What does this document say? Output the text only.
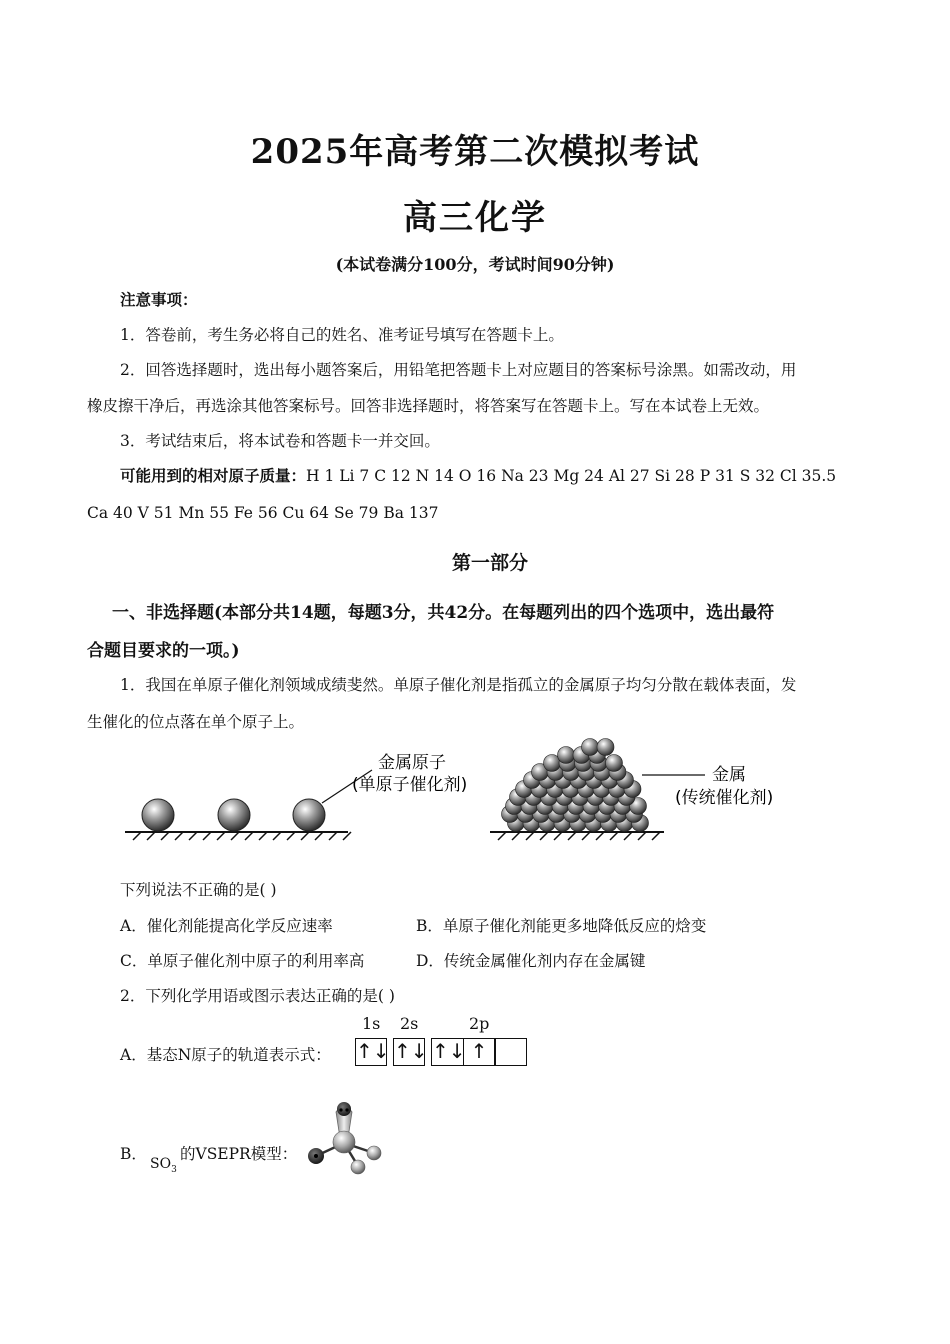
2025年高考第二次模拟考试
高三化学
(本试卷满分100分，考试时间90分钟)
注意事项：
1．答卷前，考生务必将自己的姓名、准考证号填写在答题卡上。
2．回答选择题时，选出每小题答案后，用铅笔把答题卡上对应题目的答案标号涂黑。如需改动，用
橡皮擦干净后，再选涂其他答案标号。回答非选择题时，将答案写在答题卡上。写在本试卷上无效。
3．考试结束后，将本试卷和答题卡一并交回。
可能用到的相对原子质量：H 1 Li 7 C 12 N 14 O 16 Na 23 Mg 24 Al 27 Si 28 P 31 S 32 Cl 35.5
Ca 40 V 51 Mn 55 Fe 56 Cu 64 Se 79 Ba 137
第一部分
一、非选择题(本部分共14题，每题3分，共42分。在每题列出的四个选项中，选出最符
合题目要求的一项。)
1．我国在单原子催化剂领域成绩斐然。单原子催化剂是指孤立的金属原子均匀分散在载体表面，发
生催化的位点落在单个原子上。
金属原子
(单原子催化剂)	金属
(传统催化剂)
下列说法不正确的是( )
A．催化剂能提高化学反应速率	B．单原子催化剂能更多地降低反应的焓变
C．单原子催化剂中原子的利用率高	D．传统金属催化剂内存在金属键
2．下列化学用语或图示表达正确的是( )
A．基态N原子的轨道表示式：
1s 2s	2p
↑↓ ↑↓ ↑↓ ↑
B．
$SO_3$
的VSEPR模型：
